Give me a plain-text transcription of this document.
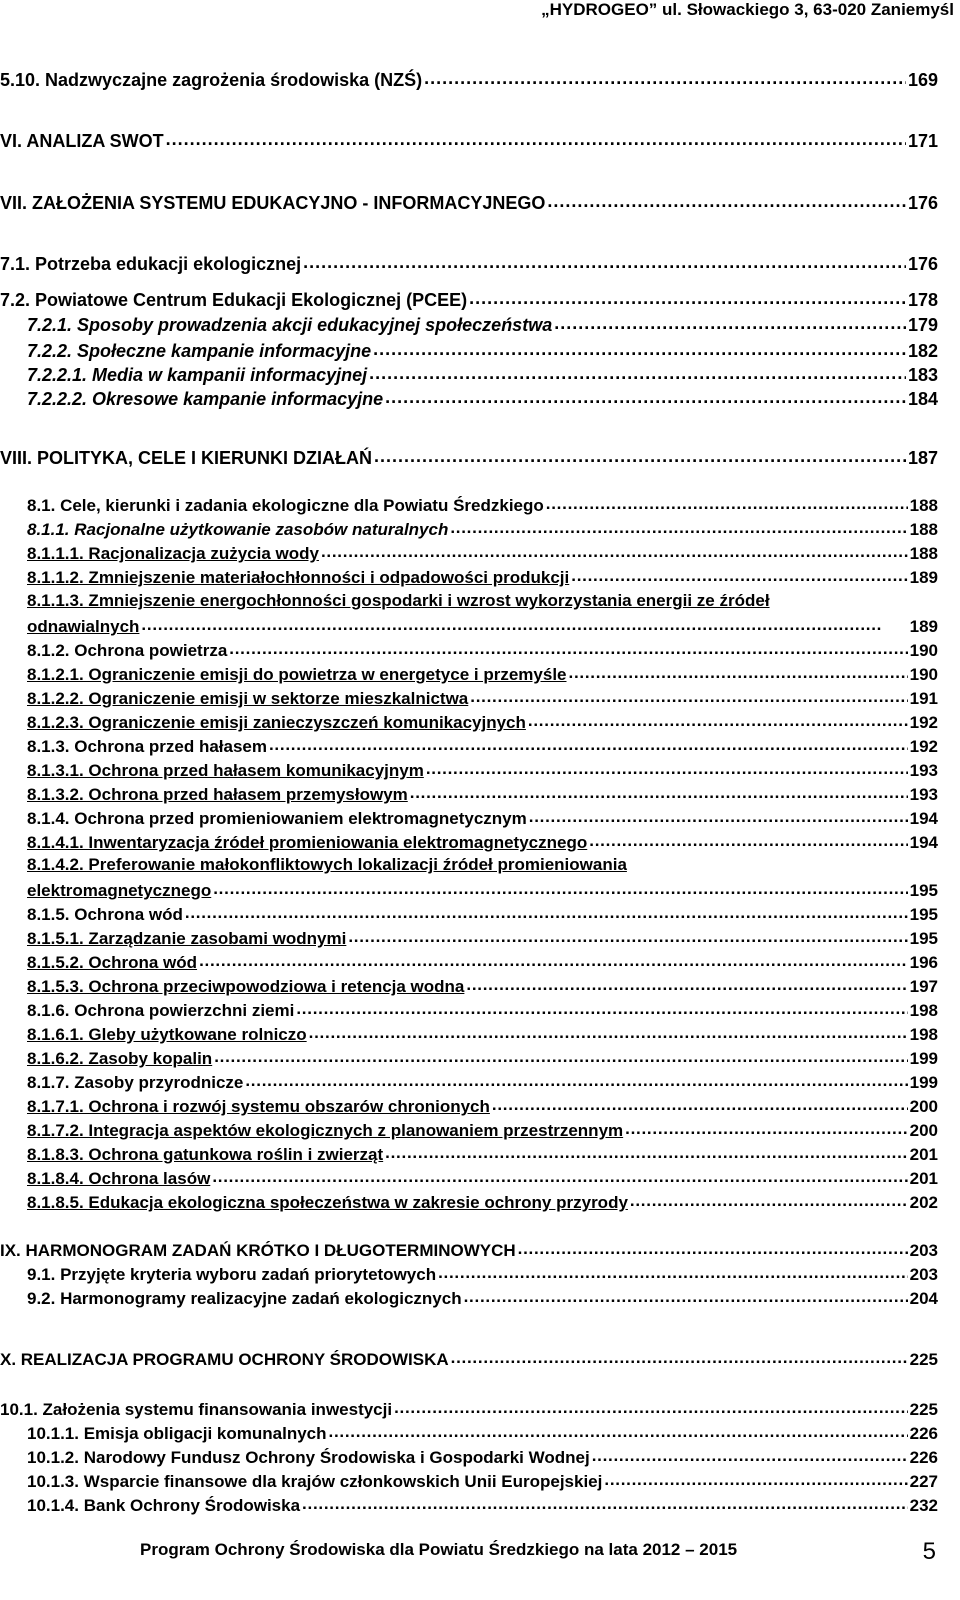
„HYDROGEO” ul. Słowackiego 3, 63-020 Zaniemyśl
5.10. Nadzwyczajne zagrożenia środowiska (NZŚ) . . .	169
VI. ANALIZA SWOT . . .	171
VII. ZAŁOŻENIA SYSTEMU EDUKACYJNO - INFORMACYJNEGO . . .	176
7.1. Potrzeba edukacji ekologicznej . . .	176
7.2. Powiatowe Centrum Edukacji Ekologicznej (PCEE) . . .	178
7.2.1. Sposoby prowadzenia akcji edukacyjnej społeczeństwa . . .	179
7.2.2. Społeczne kampanie informacyjne . . .	182
7.2.2.1. Media w kampanii informacyjnej . . .	183
7.2.2.2. Okresowe kampanie informacyjne . . .	184
VIII. POLITYKA, CELE I KIERUNKI DZIAŁAŃ . . .	187
8.1. Cele, kierunki i zadania ekologiczne dla Powiatu Średzkiego . . .	188
8.1.1. Racjonalne użytkowanie zasobów naturalnych . . .	188
8.1.1.1. Racjonalizacja zużycia wody . . .	188
8.1.1.2. Zmniejszenie materiałochłonności i odpadowości produkcji . . .	189
8.1.1.3. Zmniejszenie energochłonności gospodarki i wzrost wykorzystania energii ze źródeł
odnawialnych . . .	189
8.1.2. Ochrona powietrza . . .	190
8.1.2.1. Ograniczenie emisji do powietrza w energetyce i przemyśle . . .	190
8.1.2.2. Ograniczenie emisji w sektorze mieszkalnictwa . . .	191
8.1.2.3. Ograniczenie emisji zanieczyszczeń komunikacyjnych . . .	192
8.1.3. Ochrona przed hałasem . . .	192
8.1.3.1. Ochrona przed hałasem komunikacyjnym . . .	193
8.1.3.2. Ochrona przed hałasem przemysłowym . . .	193
8.1.4. Ochrona przed promieniowaniem elektromagnetycznym . . .	194
8.1.4.1. Inwentaryzacja źródeł promieniowania elektromagnetycznego . . .	194
8.1.4.2. Preferowanie małokonfliktowych lokalizacji źródeł promieniowania
elektromagnetycznego . . .	195
8.1.5. Ochrona wód . . .	195
8.1.5.1. Zarządzanie zasobami wodnymi . . .	195
8.1.5.2. Ochrona wód . . .	196
8.1.5.3. Ochrona przeciwpowodziowa i retencja wodna . . .	197
8.1.6. Ochrona powierzchni ziemi . . .	198
8.1.6.1. Gleby użytkowane rolniczo . . .	198
8.1.6.2. Zasoby kopalin . . .	199
8.1.7. Zasoby przyrodnicze . . .	199
8.1.7.1. Ochrona i rozwój systemu obszarów chronionych . . .	200
8.1.7.2. Integracja aspektów ekologicznych z planowaniem przestrzennym . . .	200
8.1.8.3. Ochrona gatunkowa roślin i zwierząt . . .	201
8.1.8.4. Ochrona lasów . . .	201
8.1.8.5. Edukacja ekologiczna społeczeństwa w zakresie ochrony przyrody . . .	202
IX. HARMONOGRAM ZADAŃ KRÓTKO I DŁUGOTERMINOWYCH . . .	203
9.1. Przyjęte kryteria wyboru zadań priorytetowych . . .	203
9.2. Harmonogramy realizacyjne zadań ekologicznych . . .	204
X. REALIZACJA PROGRAMU OCHRONY ŚRODOWISKA . . .	225
10.1. Założenia systemu finansowania inwestycji . . .	225
10.1.1. Emisja obligacji komunalnych . . .	226
10.1.2. Narodowy Fundusz Ochrony Środowiska i Gospodarki Wodnej . . .	226
10.1.3. Wsparcie finansowe dla krajów członkowskich Unii Europejskiej . . .	227
10.1.4. Bank Ochrony Środowiska . . .	232
Program Ochrony Środowiska dla Powiatu Średzkiego na lata 2012 – 2015	5
